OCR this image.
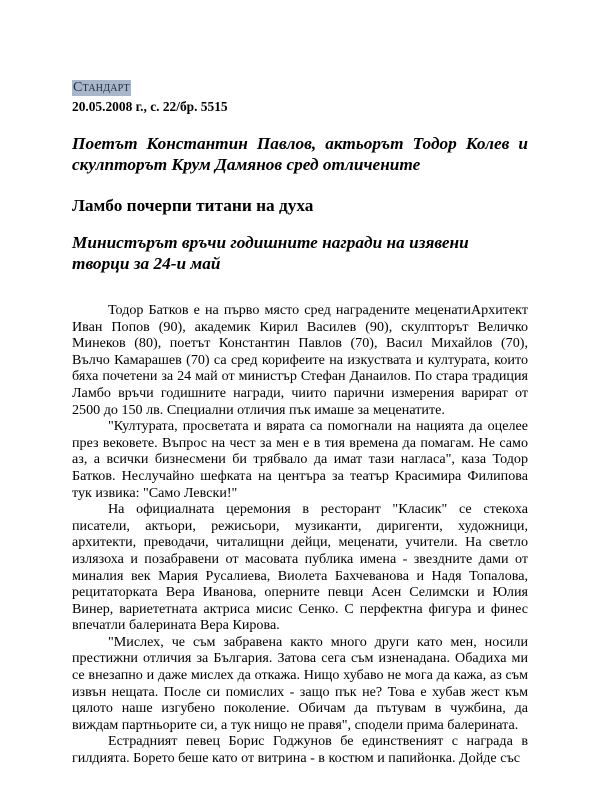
Стандарт
20.05.2008 г., с. 22/бр. 5515
Поетът Константин Павлов, актьорът Тодор Колев и скулпторът Крум Дамянов сред отличените
Ламбо почерпи титани на духа
Министърът връчи годишните награди на изявени творци за 24-и май

Тодор Батков е на първо място сред наградените меценатиАрхитект Иван Попов (90), академик Кирил Василев (90), скулпторът Величко Минеков (80), поетът Константин Павлов (70), Васил Михайлов (70), Вълчо Камарашев (70) са сред корифеите на изкуствата и културата, които бяха почетени за 24 май от министър Стефан Данаилов. По стара традиция Ламбо връчи годишните награди, чиито парични измерения варират от 2500 до 150 лв. Специални отличия пък имаше за меценатите.

"Културата, просветата и вярата са помогнали на нацията да оцелее през вековете. Въпрос на чест за мен е в тия времена да помагам. Не само аз, а всички бизнесмени би трябвало да имат тази нагласа", каза Тодор Батков. Неслучайно шефката на центъра за театър Красимира Филипова тук извика: "Само Левски!"

На официалната церемония в ресторант "Класик" се стекоха писатели, актьори, режисьори, музиканти, диригенти, художници, архитекти, преводачи, читалищни дейци, меценати, учители. На светло излязоха и позабравени от масовата публика имена - звездните дами от миналия век Мария Русалиева, Виолета Бахчеванова и Надя Топалова, рецитаторката Вера Иванова, оперните певци Асен Селимски и Юлия Винер, вариететната актриса мисис Сенко. С перфектна фигура и финес впечатли балерината Вера Кирова.

"Мислех, че съм забравена както много други като мен, носили престижни отличия за България. Затова сега съм изненадана. Обадиха ми се внезапно и даже мислех да откажа. Нищо хубаво не мога да кажа, аз съм извън нещата. После си помислих - защо пък не? Това е хубав жест към цялото наше изгубено поколение. Обичам да пътувам в чужбина, да виждам партньорите си, а тук нищо не правя", сподели прима балерината.

Естрадният певец Борис Годжунов бе единственият с награда в гилдията. Борето беше като от витрина - в костюм и папийонка. Дойде със
